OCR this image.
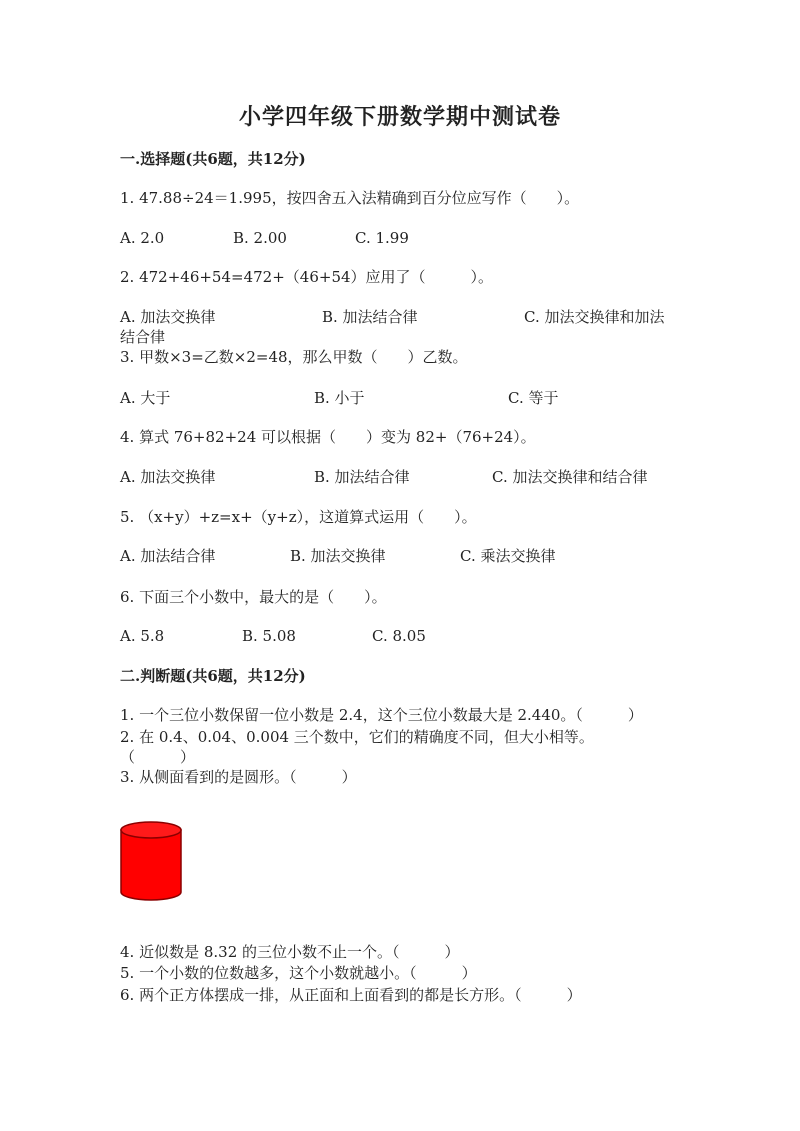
小学四年级下册数学期中测试卷
一.选择题(共6题，共12分)
1. 47.88÷24＝1.995，按四舍五入法精确到百分位应写作（　　）。
A. 2.0	B. 2.00	C. 1.99
2. 472+46+54=472+（46+54）应用了（　　　）。
A. 加法交换律	B. 加法结合律	C. 加法交换律和加法
结合律
3. 甲数×3=乙数×2=48，那么甲数（　　）乙数。
A. 大于	B. 小于	C. 等于
4. 算式 76+82+24 可以根据（　　）变为 82+（76+24）。
A. 加法交换律	B. 加法结合律	C. 加法交换律和结合律
5. （x+y）+z=x+（y+z），这道算式运用（　　）。
A. 加法结合律	B. 加法交换律	C. 乘法交换律
6. 下面三个小数中，最大的是（　　）。
A. 5.8	B. 5.08	C. 8.05
二.判断题(共6题，共12分)
1. 一个三位小数保留一位小数是 2.4，这个三位小数最大是 2.440。（　　　）
2. 在 0.4、0.04、0.004 三个数中，它们的精确度不同，但大小相等。
（　　　）
3. 从侧面看到的是圆形。（　　　）
4. 近似数是 8.32 的三位小数不止一个。（　　　）
5. 一个小数的位数越多，这个小数就越小。（　　　）
6. 两个正方体摆成一排，从正面和上面看到的都是长方形。（　　　）
